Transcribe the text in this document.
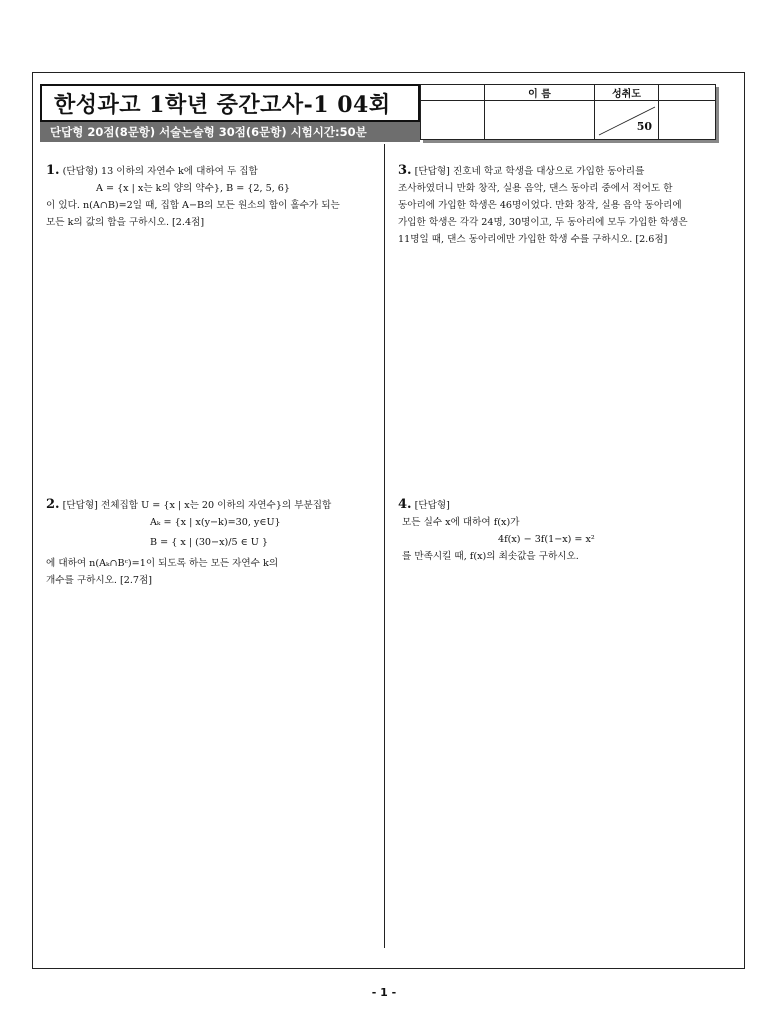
한성과고 1학년 중간고사-1 04회
단답형 20점(8문항) 서술논술형 30점(6문항) 시험시간:50분
이 름	성취도
50
1. (단답형) 13 이하의 자연수 k에 대하여 두 집합
A = {x | x는 k의 양의 약수}, B = {2, 5, 6}
이 있다. n(A∩B)=2일 때, 집합 A−B의 모든 원소의 합이 홀수가 되는
모든 k의 값의 합을 구하시오. [2.4점]
2. [단답형] 전체집합 U = {x | x는 20 이하의 자연수}의 부분집합
Aₖ = {x | x(y−k)=30, y∈U}
B = { x | (30−x)/5 ∈ U }
에 대하여 n(Aₖ∩Bᶜ)=1이 되도록 하는 모든 자연수 k의
개수를 구하시오. [2.7점]
3. [단답형] 진호네 학교 학생을 대상으로 가입한 동아리를
조사하였더니 만화 창작, 실용 음악, 댄스 동아리 중에서 적어도 한
동아리에 가입한 학생은 46명이었다. 만화 창작, 실용 음악 동아리에
가입한 학생은 각각 24명, 30명이고, 두 동아리에 모두 가입한 학생은
11명일 때, 댄스 동아리에만 가입한 학생 수를 구하시오. [2.6점]
4. [단답형]
모든 실수 x에 대하여 f(x)가
4f(x) − 3f(1−x) = x²
를 만족시킬 때, f(x)의 최솟값을 구하시오.
- 1 -
